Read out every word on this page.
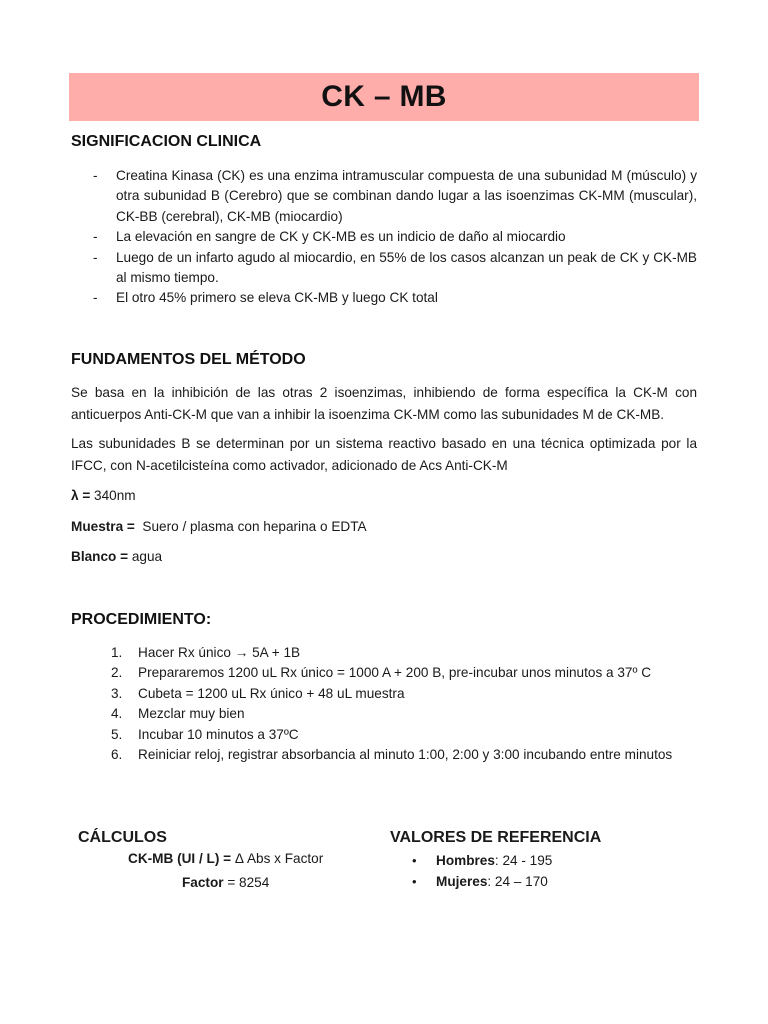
CK – MB
SIGNIFICACION CLINICA
- Creatina Kinasa (CK) es una enzima intramuscular compuesta de una subunidad M (músculo) y otra subunidad B (Cerebro) que se combinan dando lugar a las isoenzimas CK-MM (muscular), CK-BB (cerebral), CK-MB (miocardio)
- La elevación en sangre de CK y CK-MB es un indicio de daño al miocardio
- Luego de un infarto agudo al miocardio, en 55% de los casos alcanzan un peak de CK y CK-MB al mismo tiempo.
- El otro 45% primero se eleva CK-MB y luego CK total
FUNDAMENTOS DEL MÉTODO

Se basa en la inhibición de las otras 2 isoenzimas, inhibiendo de forma específica la CK-M con anticuerpos Anti-CK-M que van a inhibir la isoenzima CK-MM como las subunidades M de CK-MB.

Las subunidades B se determinan por un sistema reactivo basado en una técnica optimizada por la IFCC, con N-acetilcisteína como activador, adicionado de Acs Anti-CK-M

λ = 340nm

Muestra =  Suero / plasma con heparina o EDTA

Blanco = agua

PROCEDIMIENTO:
1. Hacer Rx único → 5A + 1B
2. Prepararemos 1200 uL Rx único = 1000 A + 200 B, pre-incubar unos minutos a 37º C
3. Cubeta = 1200 uL Rx único + 48 uL muestra
4. Mezclar muy bien
5. Incubar 10 minutos a 37ºC
6. Reiniciar reloj, registrar absorbancia al minuto 1:00, 2:00 y 3:00 incubando entre minutos
CÁLCULOS

CK-MB (UI / L) = Δ Abs x Factor

Factor = 8254

VALORES DE REFERENCIA
• Hombres: 24 - 195
• Mujeres: 24 – 170
